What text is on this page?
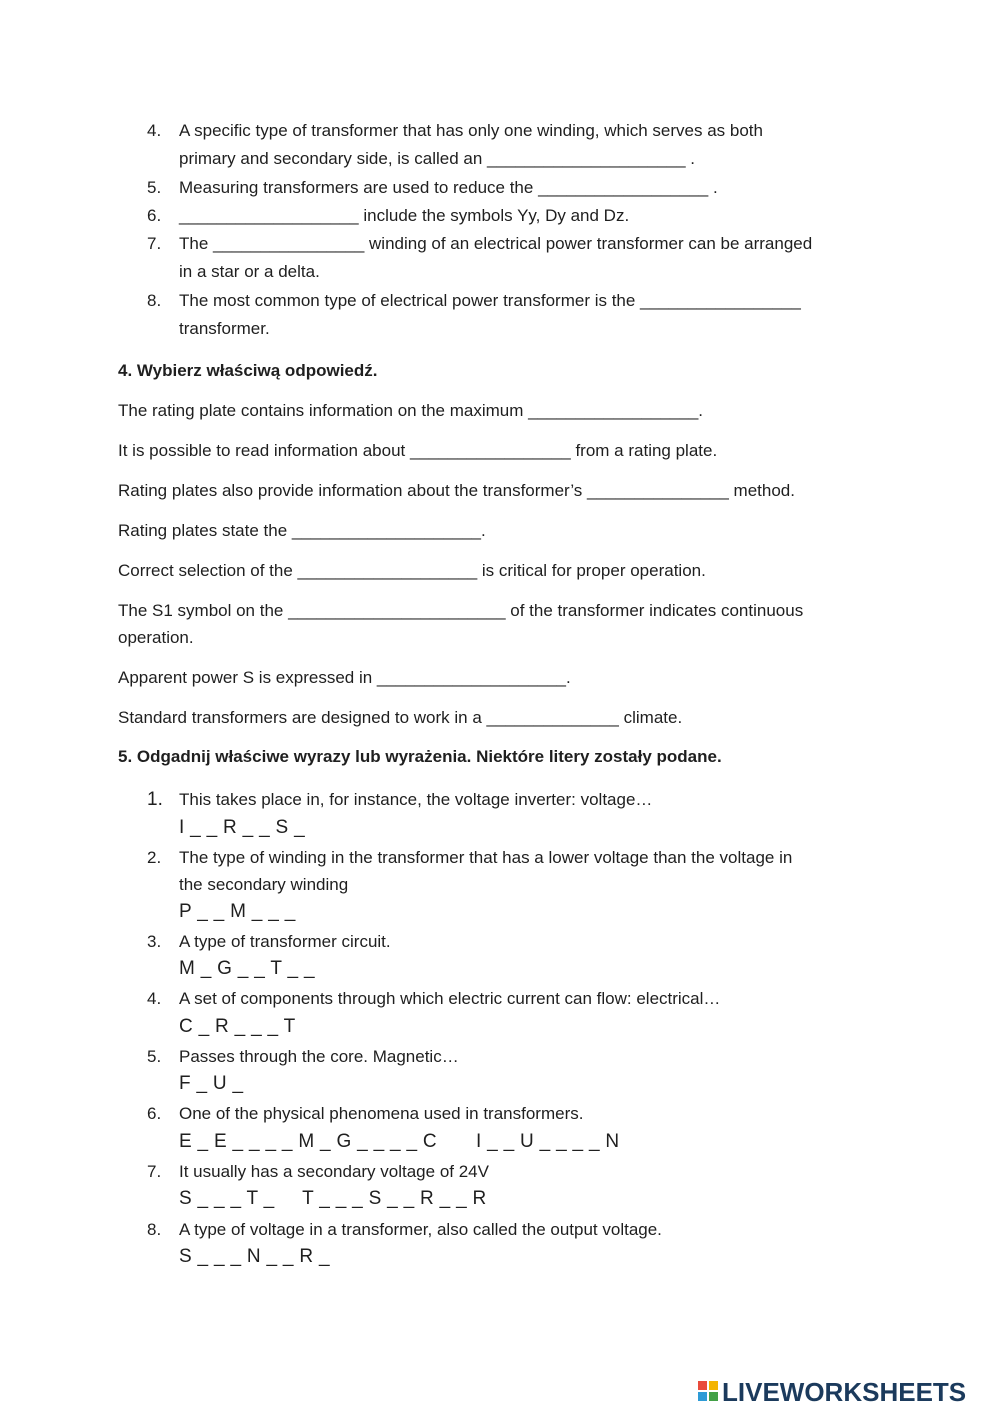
4.	A specific type of transformer that has only one winding, which serves as both
primary and secondary side, is called an _____________________ .
5.	Measuring transformers are used to reduce the __________________ .
6.	___________________ include the symbols Yy, Dy and Dz.
7.	The ________________ winding of an electrical power transformer can be arranged
in a star or a delta.
8.	The most common type of electrical power transformer is the _________________
transformer.
4. Wybierz właściwą odpowiedź.
The rating plate contains information on the maximum __________________.
It is possible to read information about _________________ from a rating plate.
Rating plates also provide information about the transformer’s _______________ method.
Rating plates state the ____________________.
Correct selection of the ___________________ is critical for proper operation.
The S1 symbol on the _______________________ of the transformer indicates continuous
operation.
Apparent power S is expressed in ____________________.
Standard transformers are designed to work in a ______________ climate.
5. Odgadnij właściwe wyrazy lub wyrażenia. Niektóre litery zostały podane.
1. This takes place in, for instance, the voltage inverter: voltage…
I _ _ R _ _ S _
2.	The type of winding in the transformer that has a lower voltage than the voltage in
the secondary winding
P _ _ M _ _ _
3.	A type of transformer circuit.
M _ G _ _ T _ _
4.	A set of components through which electric current can flow: electrical…
C _ R _ _ _ T
5.	Passes through the core. Magnetic…
F _ U _
6.	One of the physical phenomena used in transformers.
E _ E _ _ _ _ M _ G _ _ _ _ C       I _ _ U _ _ _ _ N
7.	It usually has a secondary voltage of 24V
S _ _ _ T _     T _ _ _ S _ _ R _ _ R
8.	A type of voltage in a transformer, also called the output voltage.
S _ _ _ N _ _ R _
LIVEWORKSHEETS
